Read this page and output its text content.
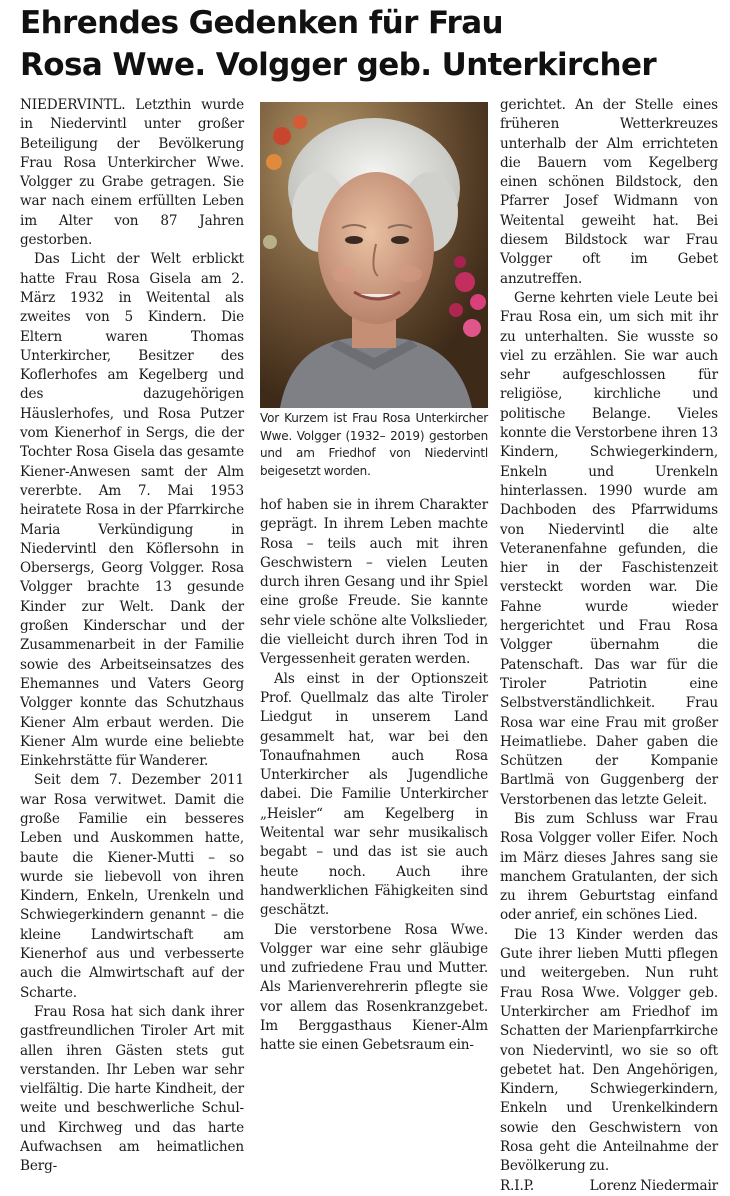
Ehrendes Gedenken für Frau
Rosa Wwe. Volgger geb. Unterkircher

NIEDERVINTL. Letzthin wurde in Niedervintl unter großer Beteiligung der Bevölkerung Frau Rosa Unterkircher Wwe. Volgger zu Grabe getragen. Sie war nach einem erfüllten Leben im Alter von 87 Jahren gestorben.

Das Licht der Welt erblickt hatte Frau Rosa Gisela am 2. März 1932 in Weitental als zweites von 5 Kindern. Die Eltern waren Thomas Unterkircher, Besitzer des Koflerhofes am Kegelberg und des dazugehörigen Häuslerhofes, und Rosa Putzer vom Kienerhof in Sergs, die der Tochter Rosa Gisela das gesamte Kiener-Anwesen samt der Alm vererbte. Am 7. Mai 1953 heiratete Rosa in der Pfarrkirche Maria Verkündigung in Niedervintl den Köflersohn in Obersergs, Georg Volgger. Rosa Volgger brachte 13 gesunde Kinder zur Welt. Dank der großen Kinderschar und der Zusammenarbeit in der Familie sowie des Arbeitseinsatzes des Ehemannes und Vaters Georg Volgger konnte das Schutzhaus Kiener Alm erbaut werden. Die Kiener Alm wurde eine beliebte Einkehrstätte für Wanderer.

Seit dem 7. Dezember 2011 war Rosa verwitwet. Damit die große Familie ein besseres Leben und Auskommen hatte, baute die Kiener-Mutti – so wurde sie liebevoll von ihren Kindern, Enkeln, Urenkeln und Schwiegerkindern genannt – die kleine Landwirtschaft am Kienerhof aus und verbesserte auch die Almwirtschaft auf der Scharte.

Frau Rosa hat sich dank ihrer gastfreundlichen Tiroler Art mit allen ihren Gästen stets gut verstanden. Ihr Leben war sehr vielfältig. Die harte Kindheit, der weite und beschwerliche Schul- und Kirchweg und das harte Aufwachsen am heimatlichen Berg-

Vor Kurzem ist Frau Rosa Unterkircher Wwe. Volgger (1932– 2019) gestorben und am Friedhof von Niedervintl beigesetzt worden.

hof haben sie in ihrem Charakter geprägt. In ihrem Leben machte Rosa – teils auch mit ihren Geschwistern – vielen Leuten durch ihren Gesang und ihr Spiel eine große Freude. Sie kannte sehr viele schöne alte Volkslieder, die vielleicht durch ihren Tod in Vergessenheit geraten werden.

Als einst in der Optionszeit Prof. Quellmalz das alte Tiroler Liedgut in unserem Land gesammelt hat, war bei den Tonaufnahmen auch Rosa Unterkircher als Jugendliche dabei. Die Familie Unterkircher „Heisler“ am Kegelberg in Weitental war sehr musikalisch begabt – und das ist sie auch heute noch. Auch ihre handwerklichen Fähigkeiten sind geschätzt.

Die verstorbene Rosa Wwe. Volgger war eine sehr gläubige und zufriedene Frau und Mutter. Als Marienverehrerin pflegte sie vor allem das Rosenkranzgebet. Im Berggasthaus Kiener-Alm hatte sie einen Gebetsraum ein-

gerichtet. An der Stelle eines früheren Wetterkreuzes unterhalb der Alm errichteten die Bauern vom Kegelberg einen schönen Bildstock, den Pfarrer Josef Widmann von Weitental geweiht hat. Bei diesem Bildstock war Frau Volgger oft im Gebet anzutreffen.

Gerne kehrten viele Leute bei Frau Rosa ein, um sich mit ihr zu unterhalten. Sie wusste so viel zu erzählen. Sie war auch sehr aufgeschlossen für religiöse, kirchliche und politische Belange. Vieles konnte die Verstorbene ihren 13 Kindern, Schwiegerkindern, Enkeln und Urenkeln hinterlassen. 1990 wurde am Dachboden des Pfarrwidums von Niedervintl die alte Veteranenfahne gefunden, die hier in der Faschistenzeit versteckt worden war. Die Fahne wurde wieder hergerichtet und Frau Rosa Volgger übernahm die Patenschaft. Das war für die Tiroler Patriotin eine Selbstverständlichkeit. Frau Rosa war eine Frau mit großer Heimatliebe. Daher gaben die Schützen der Kompanie Bartlmä von Guggenberg der Verstorbenen das letzte Geleit.

Bis zum Schluss war Frau Rosa Volgger voller Eifer. Noch im März dieses Jahres sang sie manchem Gratulanten, der sich zu ihrem Geburtstag einfand oder anrief, ein schönes Lied.

Die 13 Kinder werden das Gute ihrer lieben Mutti pflegen und weitergeben. Nun ruht Frau Rosa Wwe. Volgger geb. Unterkircher am Friedhof im Schatten der Marienpfarrkirche von Niedervintl, wo sie so oft gebetet hat. Den Angehörigen, Kindern, Schwiegerkindern, Enkeln und Urenkelkindern sowie den Geschwistern von Rosa geht die Anteilnahme der Bevölkerung zu.

R.I.P.	Lorenz Niedermair
